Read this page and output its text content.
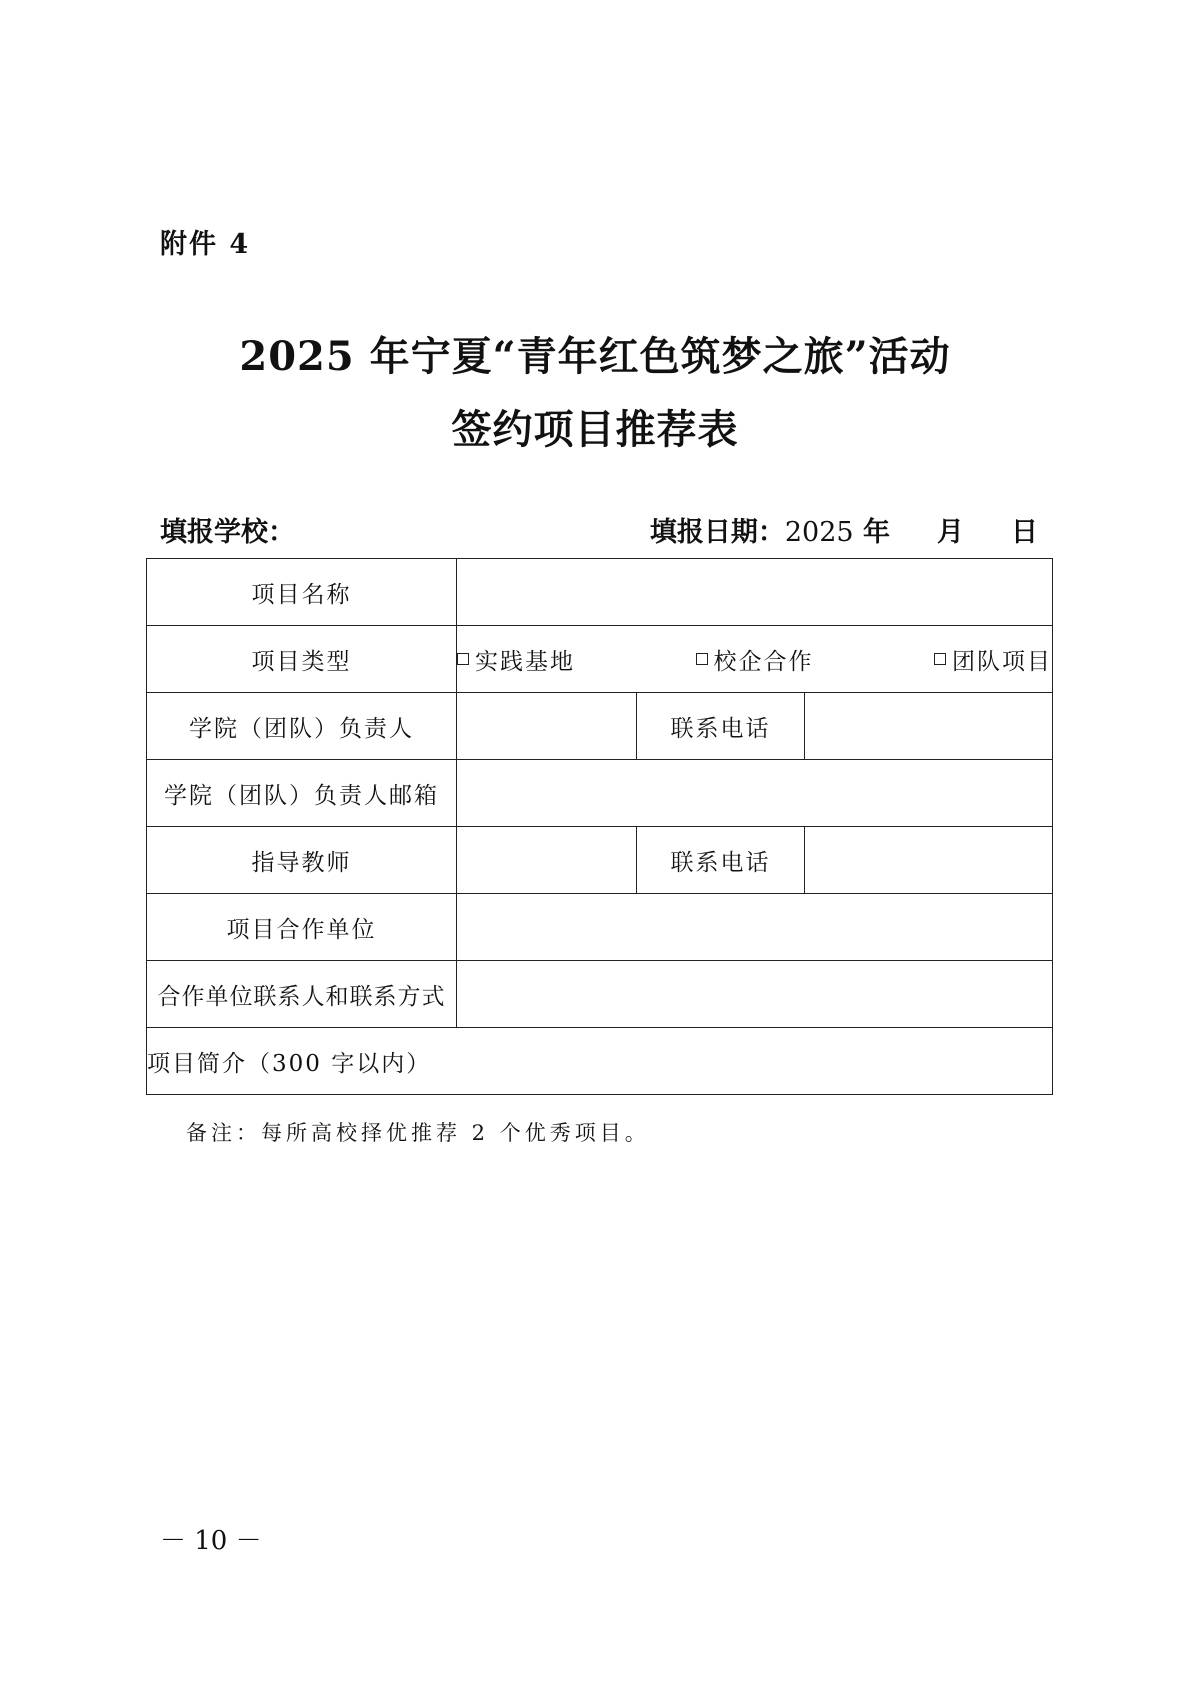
附件 4
2025 年宁夏“青年红色筑梦之旅”活动
签约项目推荐表
填报学校：	填报日期：2025 年     月     日
项目名称			
项目类型	实践基地 校企合作 团队项目		

学院（团队）负责人		联系电话	
学院（团队）负责人邮箱			
指导教师		联系电话	
项目合作单位			
合作单位联系人和联系方式			
项目简介（300 字以内）			
备注：每所高校择优推荐 2 个优秀项目。
－ 10 －
